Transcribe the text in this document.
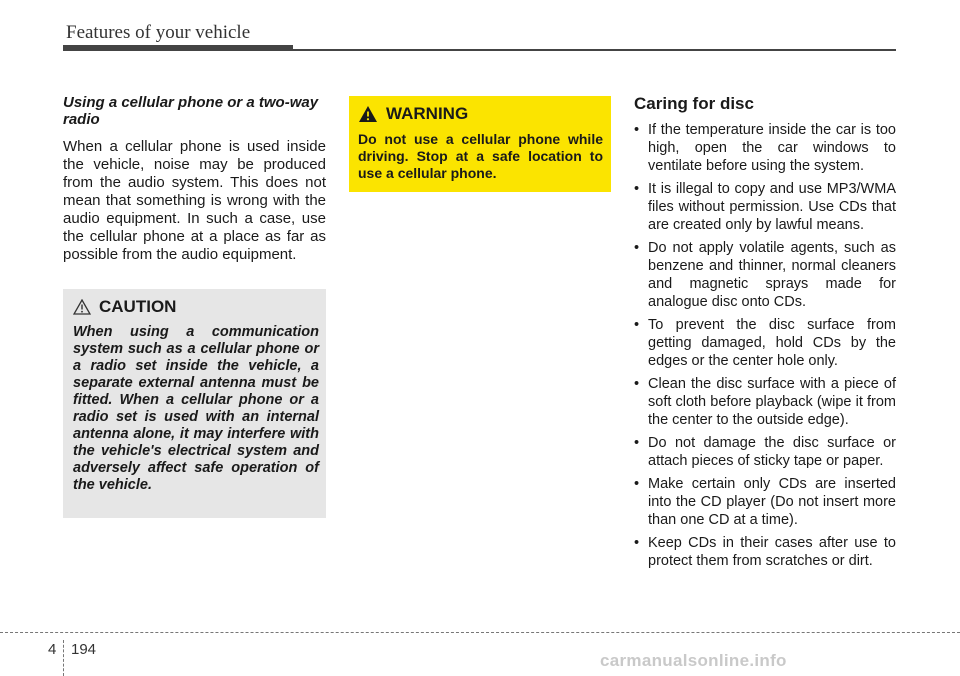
Features of your vehicle

Using a cellular phone or a two-way radio

When a cellular phone is used inside the vehicle, noise may be produced from the audio system. This does not mean that something is wrong with the audio equipment. In such a case, use the cellular phone at a place as far as possible from the audio equipment.

CAUTION

When using a communication system such as a cellular phone or a radio set inside the vehicle, a separate external antenna must be fitted. When a cellular phone or a radio set is used with an internal antenna alone, it may interfere with the vehicle's electrical system and adversely affect safe operation of the vehicle.

WARNING

Do not use a cellular phone while driving. Stop at a safe location to use a cellular phone.

Caring for disc
• If the temperature inside the car is too high, open the car windows to ventilate before using the system.
• It is illegal to copy and use MP3/WMA files without permission. Use CDs that are created only by lawful means.
• Do not apply volatile agents, such as benzene and thinner, normal cleaners and magnetic sprays made for analogue disc onto CDs.
• To prevent the disc surface from getting damaged, hold CDs by the edges or the center hole only.
• Clean the disc surface with a piece of soft cloth before playback (wipe it from the center to the outside edge).
• Do not damage the disc surface or attach pieces of sticky tape or paper.
• Make certain only CDs are inserted into the CD player (Do not insert more than one CD at a time).
• Keep CDs in their cases after use to protect them from scratches or dirt.
4 194
carmanualsonline.info
